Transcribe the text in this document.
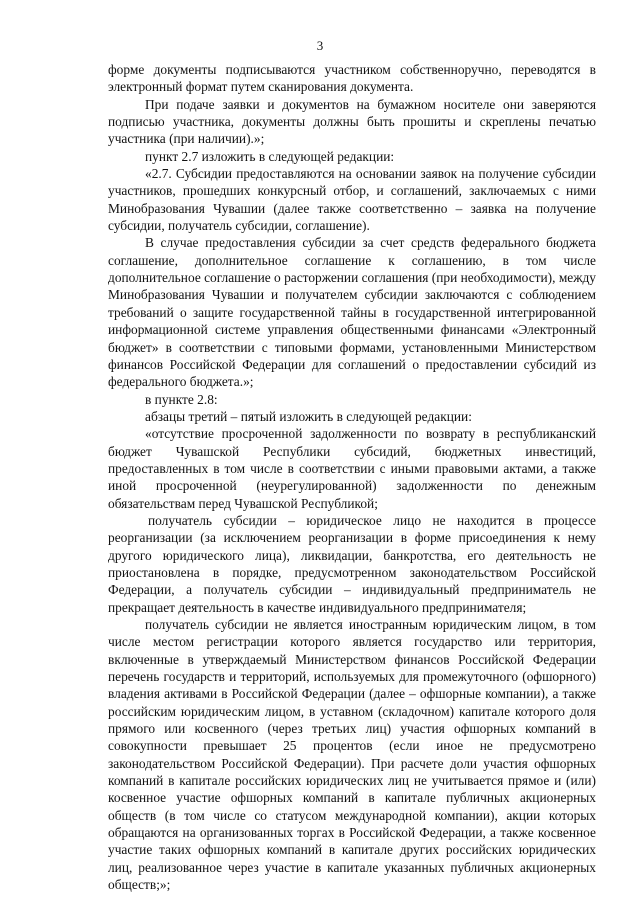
3

форме документы подписываются участником собственноручно, переводятся в электронный формат путем сканирования документа.

При подаче заявки и документов на бумажном носителе они заверяются подписью участника, документы должны быть прошиты и скреплены печатью участника (при наличии).»;

пункт 2.7 изложить в следующей редакции:

«2.7. Субсидии предоставляются на основании заявок на получение субсидии участников, прошедших конкурсный отбор, и соглашений, заключаемых с ними Минобразования Чувашии (далее также соответственно – заявка на получение субсидии, получатель субсидии, соглашение).

В случае предоставления субсидии за счет средств федерального бюджета соглашение, дополнительное соглашение к соглашению, в том числе дополнительное соглашение о расторжении соглашения (при необходимости), между Минобразования Чувашии и получателем субсидии заключаются с соблюдением требований о защите государственной тайны в государственной интегрированной информационной системе управления общественными финансами «Электронный бюджет» в соответствии с типовыми формами, установленными Министерством финансов Российской Федерации для соглашений о предоставлении субсидий из федерального бюджета.»;

в пункте 2.8:

абзацы третий – пятый изложить в следующей редакции:

«отсутствие просроченной задолженности по возврату в республиканский бюджет Чувашской Республики субсидий, бюджетных инвестиций, предоставленных в том числе в соответствии с иными правовыми актами, а также иной просроченной (неурегулированной) задолженности по денежным обязательствам перед Чувашской Республикой;

получатель субсидии – юридическое лицо не находится в процессе реорганизации (за исключением реорганизации в форме присоединения к нему другого юридического лица), ликвидации, банкротства, его деятельность не приостановлена в порядке, предусмотренном законодательством Российской Федерации, а получатель субсидии – индивидуальный предприниматель не прекращает деятельность в качестве индивидуального предпринимателя;

получатель субсидии не является иностранным юридическим лицом, в том числе местом регистрации которого является государство или территория, включенные в утверждаемый Министерством финансов Российской Федерации перечень государств и территорий, используемых для промежуточного (офшорного) владения активами в Российской Федерации (далее – офшорные компании), а также российским юридическим лицом, в уставном (складочном) капитале которого доля прямого или косвенного (через третьих лиц) участия офшорных компаний в совокупности превышает 25 процентов (если иное не предусмотрено законодательством Российской Федерации). При расчете доли участия офшорных компаний в капитале российских юридических лиц не учитывается прямое и (или) косвенное участие офшорных компаний в капитале публичных акционерных обществ (в том числе со статусом международной компании), акции которых обращаются на организованных торгах в Российской Федерации, а также косвенное участие таких офшорных компаний в капитале других российских юридических лиц, реализованное через участие в капитале указанных публичных акционерных обществ;»;
